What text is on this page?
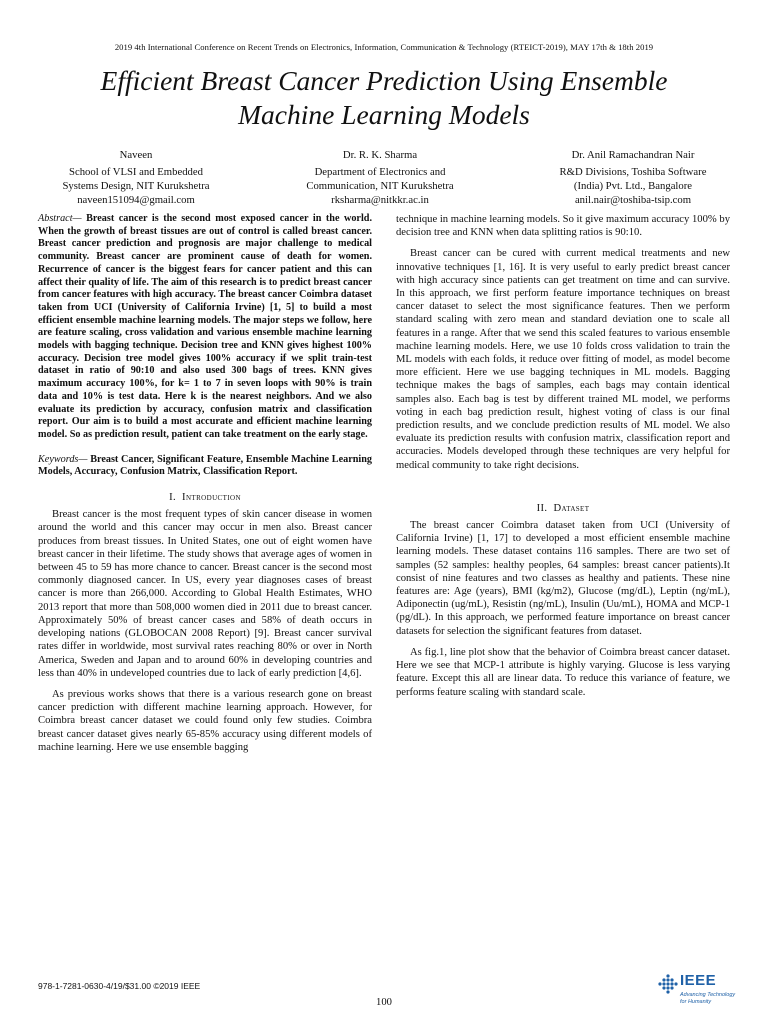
2019 4th International Conference on Recent Trends on Electronics, Information, Communication & Technology (RTEICT-2019), MAY 17th & 18th 2019
Efficient Breast Cancer Prediction Using Ensemble
Machine Learning Models
Naveen
School of VLSI and Embedded
Systems Design, NIT Kurukshetra
naveen151094@gmail.com
Dr. R. K. Sharma
Department of Electronics and
Communication, NIT Kurukshetra
rksharma@nitkkr.ac.in
Dr. Anil Ramachandran Nair
R&D Divisions, Toshiba Software
(India) Pvt. Ltd., Bangalore
anil.nair@toshiba-tsip.com

Abstract— Breast cancer is the second most exposed cancer in the world. When the growth of breast tissues are out of control is called breast cancer. Breast cancer prediction and prognosis are major challenge to medical community. Breast cancer are prominent cause of death for women. Recurrence of cancer is the biggest fears for cancer patient and this can affect their quality of life. The aim of this research is to predict breast cancer from cancer features with high accuracy. The breast cancer Coimbra dataset taken from UCI (University of California Irvine) [1, 5] to build a most efficient ensemble machine learning models. The major steps we follow, here are feature scaling, cross validation and various ensemble machine learning models with bagging technique. Decision tree and KNN gives highest 100% accuracy. Decision tree model gives 100% accuracy if we split train-test dataset in ratio of 90:10 and also used 300 bags of trees. KNN gives maximum accuracy 100%, for k= 1 to 7 in seven loops with 90% is train data and 10% is test data. Here k is the nearest neighbors. And we also evaluate its prediction by accuracy, confusion matrix and classification report. Our aim is to build a most accurate and efficient machine learning model. So as prediction result, patient can take treatment on the early stage.

Keywords— Breast Cancer, Significant Feature, Ensemble Machine Learning Models, Accuracy, Confusion Matrix, Classification Report.

I. Introduction

Breast cancer is the most frequent types of skin cancer disease in women around the world and this cancer may occur in men also. Breast cancer produces from breast tissues. In United States, one out of eight women have breast cancer in their lifetime. The study shows that average ages of women in between 45 to 59 has more chance to cancer. Breast cancer is the second most commonly diagnosed cancer. In US, every year diagnoses cases of breast cancer is more than 266,000. According to Global Health Estimates, WHO 2013 report that more than 508,000 women died in 2011 due to breast cancer. Approximately 50% of breast cancer cases and 58% of death occurs in developing nations (GLOBOCAN 2008 Report) [9]. Breast cancer survival rates differ in worldwide, most survival rates reaching 80% or over in North America, Sweden and Japan and to around 60% in developing countries and less than 40% in undeveloped countries due to lack of early prediction [4,6].

As previous works shows that there is a various research gone on breast cancer prediction with different machine learning approach. However, for Coimbra breast cancer dataset we could found only few studies. Coimbra breast cancer dataset gives nearly 65-85% accuracy using different models of machine learning. Here we use ensemble bagging

technique in machine learning models. So it give maximum accuracy 100% by decision tree and KNN when data splitting ratios is 90:10.

Breast cancer can be cured with current medical treatments and new innovative techniques [1, 16]. It is very useful to early predict breast cancer with high accuracy since patients can get treatment on time and can survive. In this approach, we first perform feature importance techniques on breast cancer dataset to select the most significance features. Then we perform standard scaling with zero mean and standard deviation one to scale all features in a range. After that we send this scaled features to various ensemble machine learning models. Here, we use 10 folds cross validation to train the ML models with each folds, it reduce over fitting of model, as model become more efficient. Here we use bagging techniques in ML models. Bagging technique makes the bags of samples, each bags may contain identical samples also. Each bag is test by different trained ML model, we performs voting in each bag prediction result, highest voting of class is our final prediction results, and we conclude prediction results of ML model. We also evaluate its prediction results with confusion matrix, classification report and accuracies. Models developed through these techniques are very helpful for medical community to take right decisions.

II. Dataset

The breast cancer Coimbra dataset taken from UCI (University of California Irvine) [1, 17] to developed a most efficient ensemble machine learning models. These dataset contains 116 samples. There are two set of samples (52 samples: healthy peoples, 64 samples: breast cancer patients).It consist of nine features and two classes as healthy and patients. These nine features are: Age (years), BMI (kg/m2), Glucose (mg/dL), Leptin (ng/mL), Adiponectin (ug/mL), Resistin (ng/mL), Insulin (Uu/mL), HOMA and MCP-1 (pg/dL). In this approach, we performed feature importance on breast cancer datasets for selection the significant features from dataset.

As fig.1, line plot show that the behavior of Coimbra breast cancer dataset. Here we see that MCP-1 attribute is highly varying. Glucose is less varying feature. Except this all are linear data. To reduce this variance of feature, we performs feature scaling with standard scale.

978-1-7281-0630-4/19/$31.00 ©2019 IEEE
100
IEEE
Advancing Technology
for Humanity
